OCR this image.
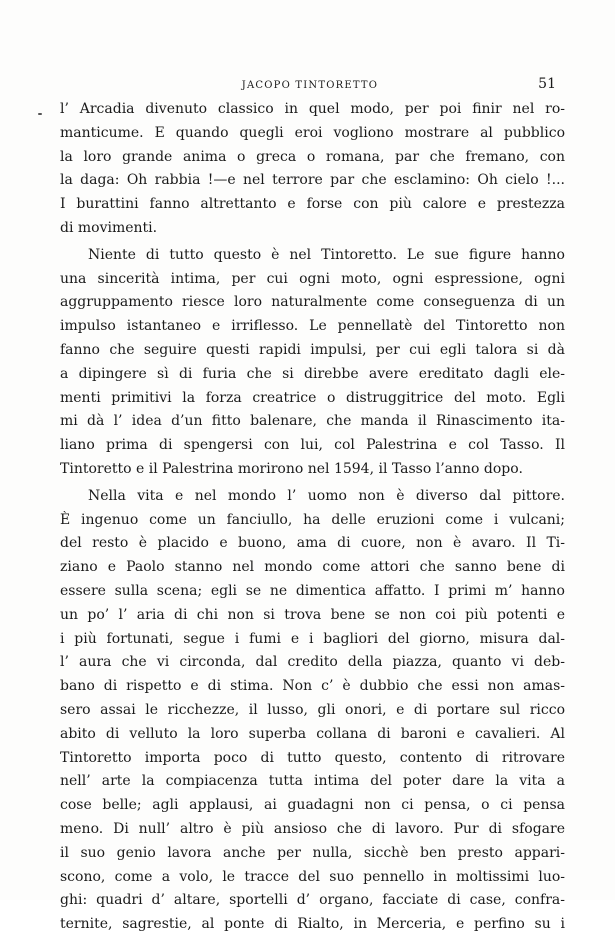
JACOPO TINTORETTO	51
l’ Arcadia divenuto classico in quel modo, per poi finir nel ro-
manticume. E quando quegli eroi vogliono mostrare al pubblico
la loro grande anima o greca o romana, par che fremano, con
la daga: Oh rabbia !—e nel terrore par che esclamino: Oh cielo !...
I burattini fanno altrettanto e forse con più calore e prestezza
di movimenti.
Niente di tutto questo è nel Tintoretto. Le sue figure hanno
una sincerità intima, per cui ogni moto, ogni espressione, ogni
aggruppamento riesce loro naturalmente come conseguenza di un
impulso istantaneo e irriflesso. Le pennellatè del Tintoretto non
fanno che seguire questi rapidi impulsi, per cui egli talora si dà
a dipingere sì di furia che si direbbe avere ereditato dagli ele-
menti primitivi la forza creatrice o distruggitrice del moto. Egli
mi dà l’ idea d’un fitto balenare, che manda il Rinascimento ita-
liano prima di spengersi con lui, col Palestrina e col Tasso. Il
Tintoretto e il Palestrina morirono nel 1594, il Tasso l’anno dopo.
Nella vita e nel mondo l’ uomo non è diverso dal pittore.
È ingenuo come un fanciullo, ha delle eruzioni come i vulcani;
del resto è placido e buono, ama di cuore, non è avaro. Il Ti-
ziano e Paolo stanno nel mondo come attori che sanno bene di
essere sulla scena; egli se ne dimentica affatto. I primi m’ hanno
un po’ l’ aria di chi non si trova bene se non coi più potenti e
i più fortunati, segue i fumi e i bagliori del giorno, misura dal-
l’ aura che vi circonda, dal credito della piazza, quanto vi deb-
bano di rispetto e di stima. Non c’ è dubbio che essi non amas-
sero assai le ricchezze, il lusso, gli onori, e di portare sul ricco
abito di velluto la loro superba collana di baroni e cavalieri. Al
Tintoretto importa poco di tutto questo, contento di ritrovare
nell’ arte la compiacenza tutta intima del poter dare la vita a
cose belle; agli applausi, ai guadagni non ci pensa, o ci pensa
meno. Di null’ altro è più ansioso che di lavoro. Pur di sfogare
il suo genio lavora anche per nulla, sicchè ben presto appari-
scono, come a volo, le tracce del suo pennello in moltissimi luo-
ghi: quadri d’ altare, sportelli d’ organo, facciate di case, confra-
ternite, sagrestie, al ponte di Rialto, in Merceria, e perfino su i
